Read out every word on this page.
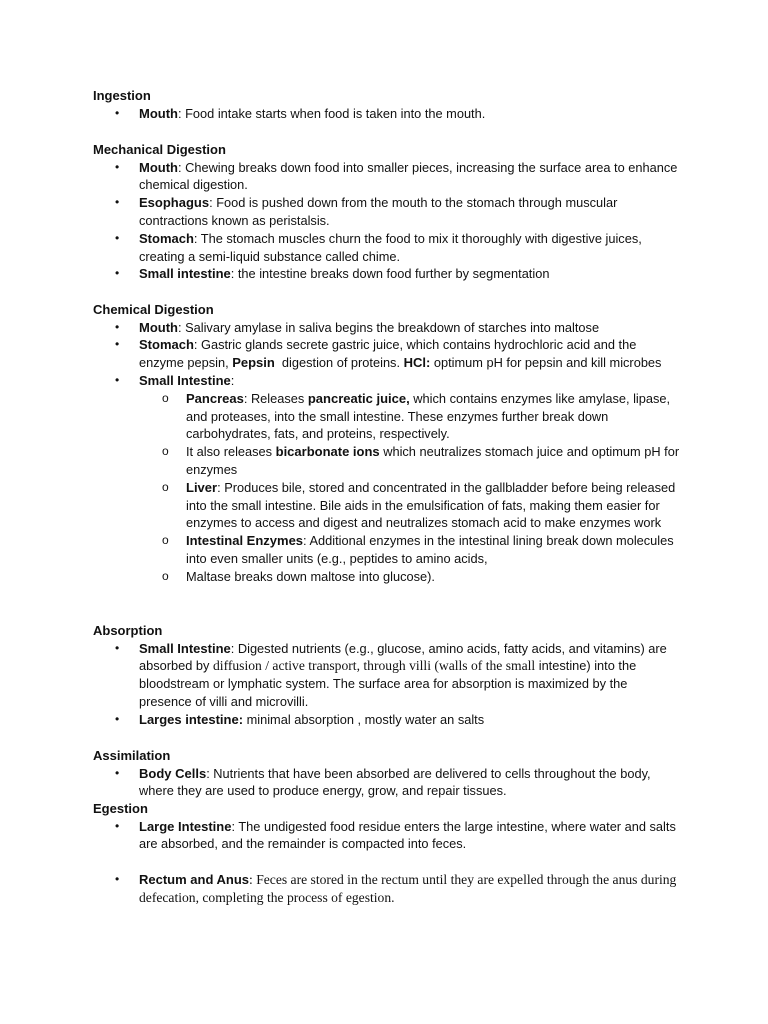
Ingestion
• Mouth: Food intake starts when food is taken into the mouth.
Mechanical Digestion
• Mouth: Chewing breaks down food into smaller pieces, increasing the surface area to enhance chemical digestion.
• Esophagus: Food is pushed down from the mouth to the stomach through muscular contractions known as peristalsis.
• Stomach: The stomach muscles churn the food to mix it thoroughly with digestive juices, creating a semi-liquid substance called chime.
• Small intestine: the intestine breaks down food further by segmentation
Chemical Digestion
• Mouth: Salivary amylase in saliva begins the breakdown of starches into maltose
• Stomach: Gastric glands secrete gastric juice, which contains hydrochloric acid and the enzyme pepsin, Pepsin  digestion of proteins. HCl: optimum pH for pepsin and kill microbes
• Small Intestine:
o Pancreas: Releases pancreatic juice, which contains enzymes like amylase, lipase, and proteases, into the small intestine. These enzymes further break down carbohydrates, fats, and proteins, respectively.
o It also releases bicarbonate ions which neutralizes stomach juice and optimum pH for enzymes
o Liver: Produces bile, stored and concentrated in the gallbladder before being released into the small intestine. Bile aids in the emulsification of fats, making them easier for enzymes to access and digest and neutralizes stomach acid to make enzymes work
o Intestinal Enzymes: Additional enzymes in the intestinal lining break down molecules into even smaller units (e.g., peptides to amino acids,
o Maltase breaks down maltose into glucose).
Absorption
• Small Intestine: Digested nutrients (e.g., glucose, amino acids, fatty acids, and vitamins) are absorbed by diffusion / active transport, through villi (walls of the small intestine) into the bloodstream or lymphatic system. The surface area for absorption is maximized by the presence of villi and microvilli.
• Larges intestine: minimal absorption , mostly water an salts
Assimilation
• Body Cells: Nutrients that have been absorbed are delivered to cells throughout the body, where they are used to produce energy, grow, and repair tissues.
Egestion
• Large Intestine: The undigested food residue enters the large intestine, where water and salts are absorbed, and the remainder is compacted into feces.
• Rectum and Anus: Feces are stored in the rectum until they are expelled through the anus during defecation, completing the process of egestion.
